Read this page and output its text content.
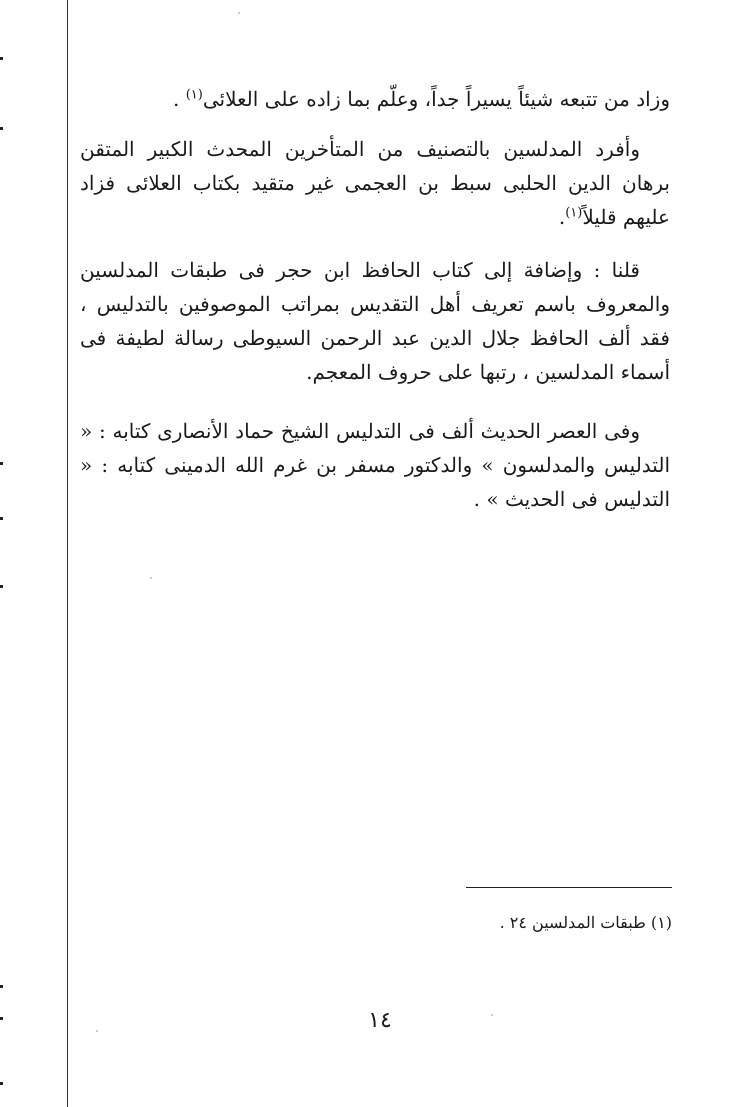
وزاد من تتبعه شيئاً يسيراً جداً، وعلّم بما زاده على العلائى$^{(١)}$ .

وأفرد المدلسين بالتصنيف من المتأخرين المحدث الكبير المتقن برهان الدين الحلبى سبط بن العجمى غير متقيد بكتاب العلائى فزاد عليهم قليلاً$^{(١)}$.

قلنا : وإضافة إلى كتاب الحافظ ابن حجر فى طبقات المدلسين والمعروف باسم تعريف أهل التقديس بمراتب الموصوفين بالتدليس ، فقد ألف الحافظ جلال الدين عبد الرحمن السيوطى رسالة لطيفة فى أسماء المدلسين ، رتبها على حروف المعجم.

وفى العصر الحديث ألف فى التدليس الشيخ حماد الأنصارى كتابه : « التدليس والمدلسون » والدكتور مسفر بن غرم الله الدمينى كتابه : « التدليس فى الحديث » .

(١) طبقات المدلسين ٢٤ .
١٤
